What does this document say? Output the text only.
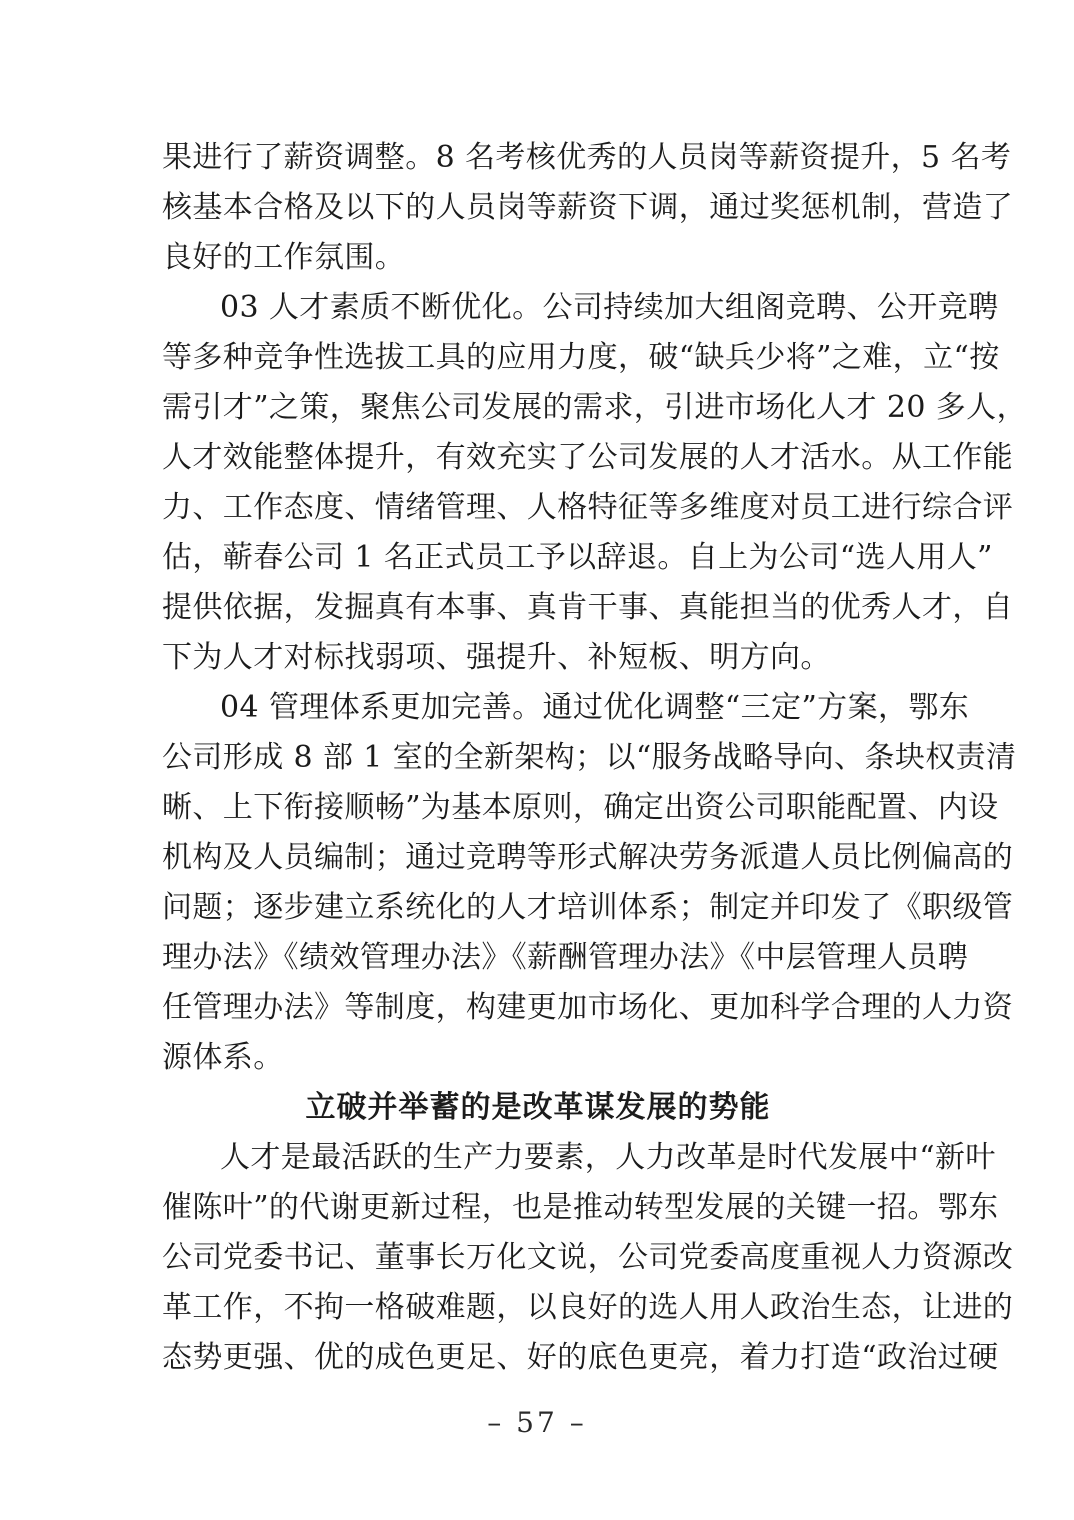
果进行了薪资调整。8 名考核优秀的人员岗等薪资提升，5 名考
核基本合格及以下的人员岗等薪资下调，通过奖惩机制，营造了
良好的工作氛围。
03 人才素质不断优化。公司持续加大组阁竞聘、公开竞聘
等多种竞争性选拔工具的应用力度，破“缺兵少将”之难，立“按
需引才”之策，聚焦公司发展的需求，引进市场化人才 20 多人，
人才效能整体提升，有效充实了公司发展的人才活水。从工作能
力、工作态度、情绪管理、人格特征等多维度对员工进行综合评
估，蕲春公司 1 名正式员工予以辞退。自上为公司“选人用人”
提供依据，发掘真有本事、真肯干事、真能担当的优秀人才，自
下为人才对标找弱项、强提升、补短板、明方向。
04 管理体系更加完善。通过优化调整“三定”方案，鄂东
公司形成 8 部 1 室的全新架构；以“服务战略导向、条块权责清
晰、上下衔接顺畅”为基本原则，确定出资公司职能配置、内设
机构及人员编制；通过竞聘等形式解决劳务派遣人员比例偏高的
问题；逐步建立系统化的人才培训体系；制定并印发了《职级管
理办法》《绩效管理办法》《薪酬管理办法》《中层管理人员聘
任管理办法》等制度，构建更加市场化、更加科学合理的人力资
源体系。
立破并举蓄的是改革谋发展的势能
人才是最活跃的生产力要素，人力改革是时代发展中“新叶
催陈叶”的代谢更新过程，也是推动转型发展的关键一招。鄂东
公司党委书记、董事长万化文说，公司党委高度重视人力资源改
革工作，不拘一格破难题，以良好的选人用人政治生态，让进的
态势更强、优的成色更足、好的底色更亮，着力打造“政治过硬
– 57 –
